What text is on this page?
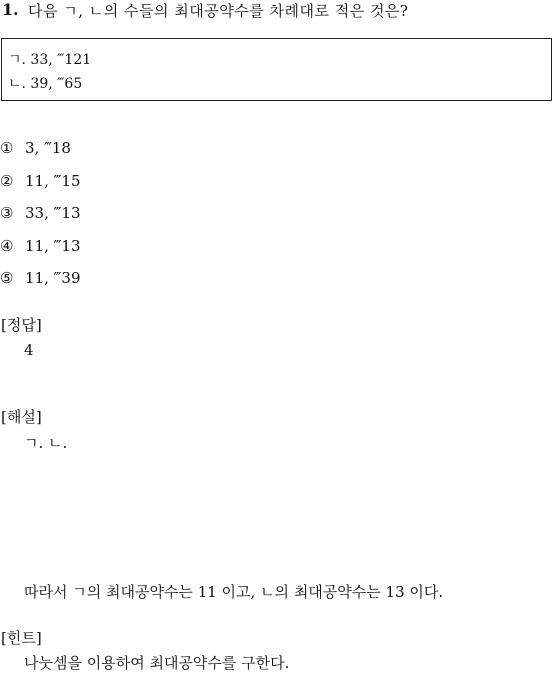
1. 다음 ㄱ, ㄴ의 수들의 최대공약수를 차례대로 적은 것은?
ㄱ. 33, ‴121
ㄴ. 39, ‴65
① 3, ‴18
② 11, ‴15
③ 33, ‴13
④ 11, ‴13
⑤ 11, ‴39
[정답]
4
[해설]
ㄱ. ㄴ.
따라서 ㄱ의 최대공약수는 11 이고, ㄴ의 최대공약수는 13 이다.
[힌트]
나눗셈을 이용하여 최대공약수를 구한다.
